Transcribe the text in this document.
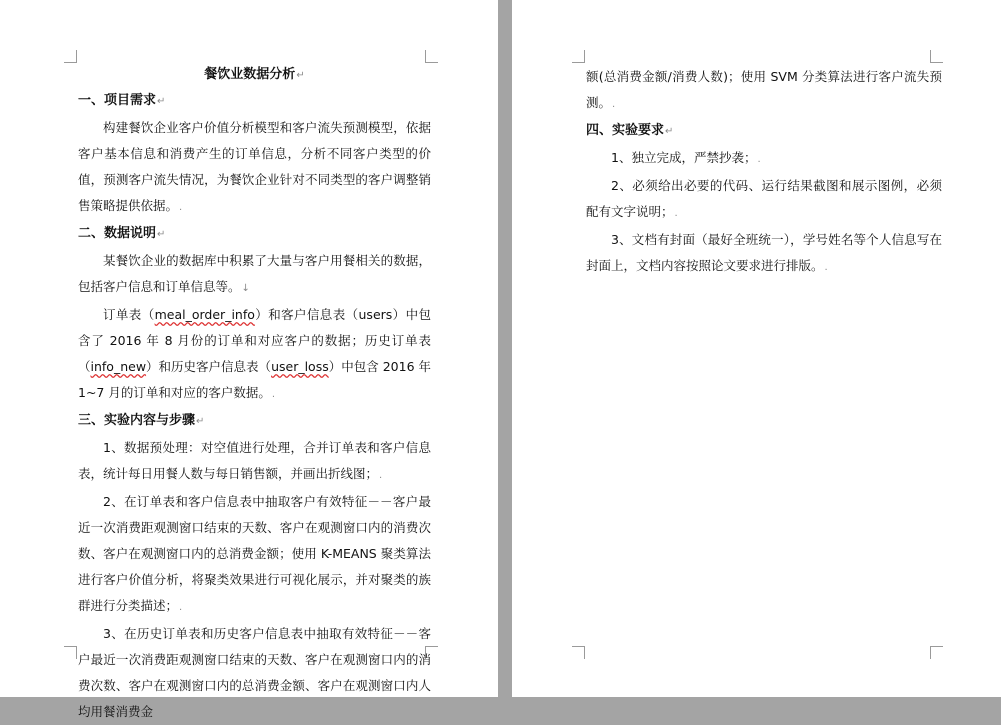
餐饮业数据分析↵
一、项目需求↵

构建餐饮企业客户价值分析模型和客户流失预测模型，依据客户基本信息和消费产生的订单信息，分析不同客户类型的价值，预测客户流失情况，为餐饮企业针对不同类型的客户调整销售策略提供依据。.

二、数据说明↵

某餐饮企业的数据库中积累了大量与客户用餐相关的数据，包括客户信息和订单信息等。↓

订单表（meal_order_info）和客户信息表（users）中包含了 2016 年 8 月份的订单和对应客户的数据；历史订单表（info_new）和历史客户信息表（user_loss）中包含 2016 年 1~7 月的订单和对应的客户数据。.

三、实验内容与步骤↵

1、数据预处理：对空值进行处理，合并订单表和客户信息表，统计每日用餐人数与每日销售额，并画出折线图；.

2、在订单表和客户信息表中抽取客户有效特征－－客户最近一次消费距观测窗口结束的天数、客户在观测窗口内的消费次数、客户在观测窗口内的总消费金额；使用 K-MEANS 聚类算法进行客户价值分析，将聚类效果进行可视化展示，并对聚类的族群进行分类描述；.

3、在历史订单表和历史客户信息表中抽取有效特征－－客户最近一次消费距观测窗口结束的天数、客户在观测窗口内的消费次数、客户在观测窗口内的总消费金额、客户在观测窗口内人均用餐消费金

额(总消费金额/消费人数)；使用 SVM 分类算法进行客户流失预测。.

四、实验要求↵

1、独立完成，严禁抄袭；.

2、必须给出必要的代码、运行结果截图和展示图例，必须配有文字说明；.

3、文档有封面（最好全班统一），学号姓名等个人信息写在封面上，文档内容按照论文要求进行排版。.
